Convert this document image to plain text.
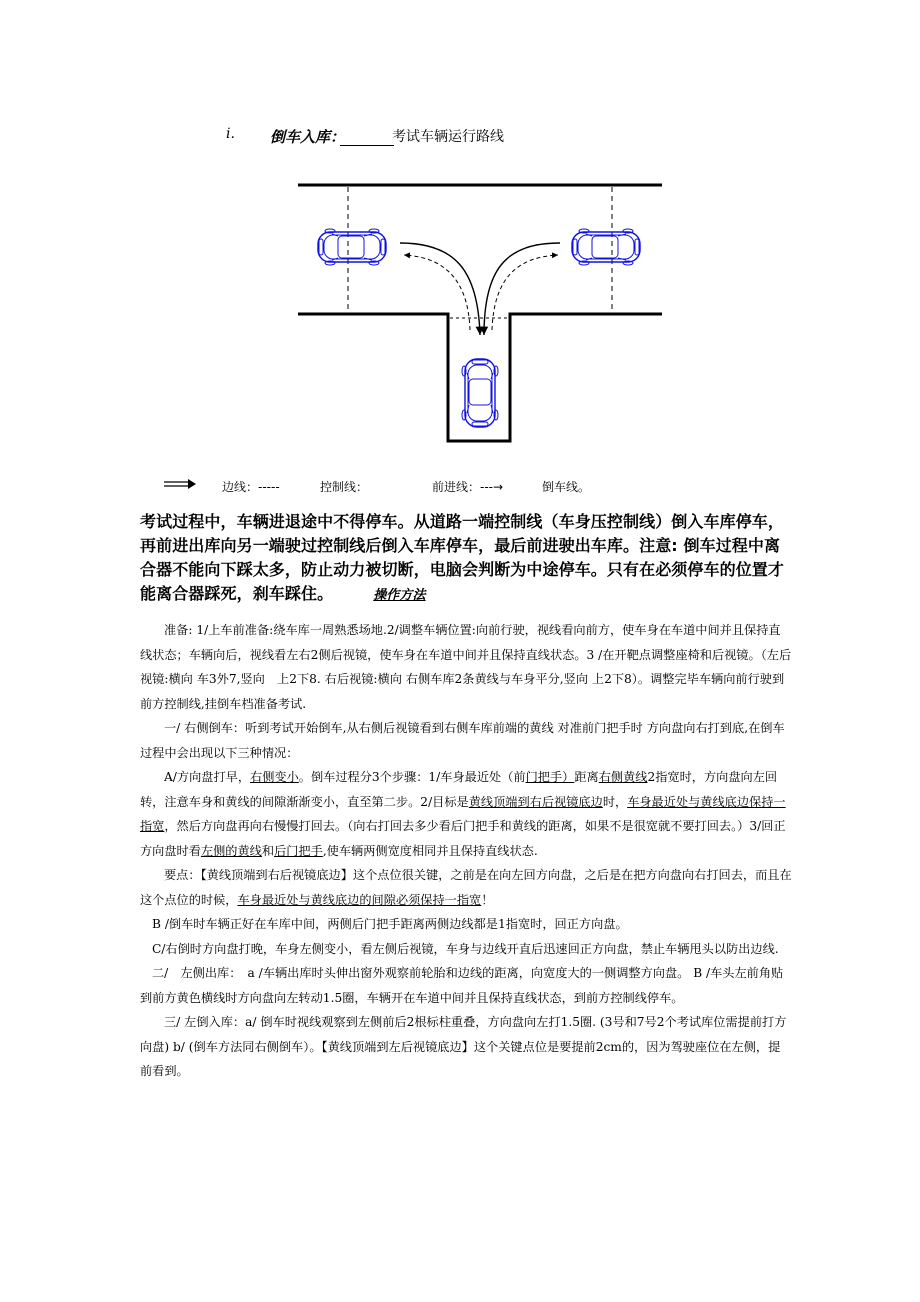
i. 倒车入库：	考试车辆运行路线
边线：-----	控制线：	前进线：---→	倒车线。
考试过程中，车辆进退途中不得停车。从道路一端控制线（车身压控制线）倒入车库停车，再前进出库向另一端驶过控制线后倒入车库停车，最后前进驶出车库。注意: 倒车过程中离合器不能向下踩太多，防止动力被切断，电脑会判断为中途停车。只有在必须停车的位置才能离合器踩死，刹车踩住。	操作方法

准备: 1/上车前准备:绕车库一周熟悉场地.2/调整车辆位置:向前行驶，视线看向前方，使车身在车道中间并且保持直线状态；车辆向后，视线看左右2侧后视镜，使车身在车道中间并且保持直线状态。3 /在开靶点调整座椅和后视镜。（左后视镜:横向 车3外7,竖向　上2下8. 右后视镜:横向 右侧车库2条黄线与车身平分,竖向 上2下8）。调整完毕车辆向前行驶到前方控制线,挂倒车档准备考试.

一/ 右侧倒车：听到考试开始倒车,从右侧后视镜看到右侧车库前端的黄线 对准前门把手时 方向盘向右打到底,在倒车过程中会出现以下三种情况：

A/方向盘打早，右侧变小。倒车过程分3个步骤：1/车身最近处（前门把手）距离右侧黄线2指宽时，方向盘向左回转，注意车身和黄线的间隙渐渐变小，直至第二步。2/目标是黄线顶端到右后视镜底边时，车身最近处与黄线底边保持一指宽，然后方向盘再向右慢慢打回去。（向右打回去多少看后门把手和黄线的距离，如果不是很宽就不要打回去。）3/回正方向盘时看左侧的黄线和后门把手,使车辆两侧宽度相同并且保持直线状态.

要点：【黄线顶端到右后视镜底边】这个点位很关键，之前是在向左回方向盘，之后是在把方向盘向右打回去，而且在这个点位的时候，车身最近处与黄线底边的间隙必须保持一指宽！

B /倒车时车辆正好在车库中间，两侧后门把手距离两侧边线都是1指宽时，回正方向盘。

C/右倒时方向盘打晚，车身左侧变小，看左侧后视镜，车身与边线开直后迅速回正方向盘，禁止车辆甩头以防出边线.

二/　左侧出库：　a /车辆出库时头伸出窗外观察前轮胎和边线的距离，向宽度大的一侧调整方向盘。 B /车头左前角贴到前方黄色横线时方向盘向左转动1.5圈，车辆开在车道中间并且保持直线状态，到前方控制线停车。

三/ 左倒入库：a/ 倒车时视线观察到左侧前后2根标柱重叠，方向盘向左打1.5圈. (3号和7号2个考试库位需提前打方向盘) b/ (倒车方法同右侧倒车）。【黄线顶端到左后视镜底边】这个关键点位是要提前2cm的，因为驾驶座位在左侧，提前看到。
